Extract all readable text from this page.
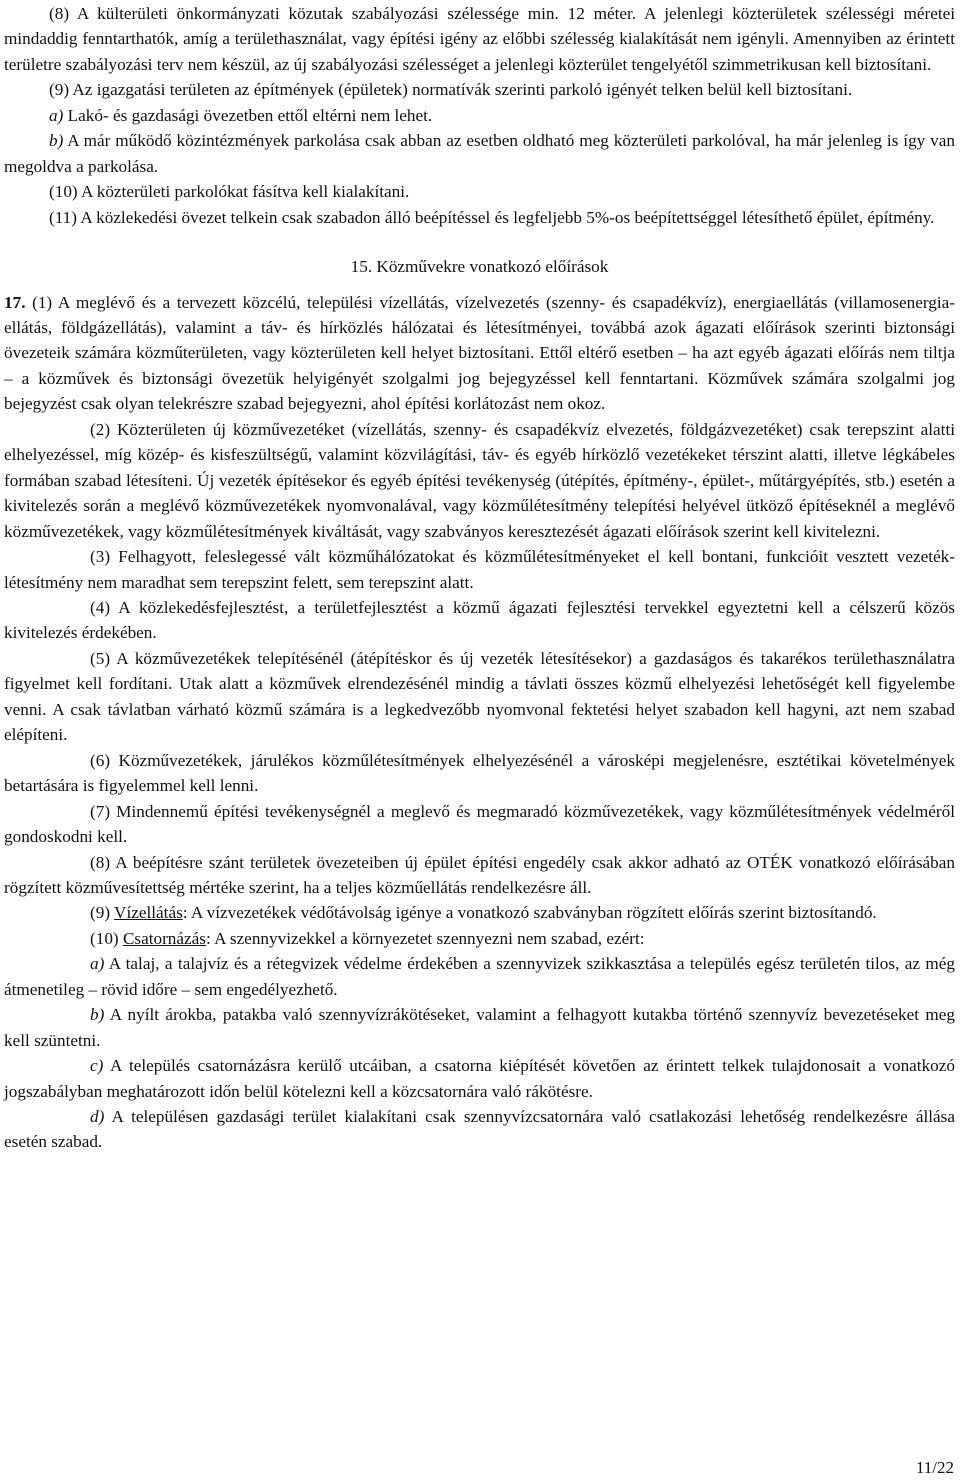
(8) A külterületi önkormányzati közutak szabályozási szélessége min. 12 méter. A jelenlegi közterületek szélességi méretei mindaddig fenntarthatók, amíg a területhasználat, vagy építési igény az előbbi szélesség kialakítását nem igényli. Amennyiben az érintett területre szabályozási terv nem készül, az új szabályozási szélességet a jelenlegi közterület tengelyétől szimmetrikusan kell biztosítani.

(9) Az igazgatási területen az építmények (épületek) normatívák szerinti parkoló igényét telken belül kell biztosítani.

a) Lakó- és gazdasági övezetben ettől eltérni nem lehet.

b) A már működő közintézmények parkolása csak abban az esetben oldható meg közterületi parkolóval, ha már jelenleg is így van megoldva a parkolása.

(10) A közterületi parkolókat fásítva kell kialakítani.

(11) A közlekedési övezet telkein csak szabadon álló beépítéssel és legfeljebb 5%-os beépítettséggel létesíthető épület, építmény.

15. Közművekre vonatkozó előírások

17. (1) A meglévő és a tervezett közcélú, települési vízellátás, vízelvezetés (szenny- és csapadékvíz), energiaellátás (villamosenergia-ellátás, földgázellátás), valamint a táv- és hírközlés hálózatai és létesítményei, továbbá azok ágazati előírások szerinti biztonsági övezeteik számára közműterületen, vagy közterületen kell helyet biztosítani. Ettől eltérő esetben – ha azt egyéb ágazati előírás nem tiltja – a közművek és biztonsági övezetük helyigényét szolgalmi jog bejegyzéssel kell fenntartani. Közművek számára szolgalmi jog bejegyzést csak olyan telekrészre szabad bejegyezni, ahol építési korlátozást nem okoz.

(2) Közterületen új közművezetéket (vízellátás, szenny- és csapadékvíz elvezetés, földgázvezetéket) csak terepszint alatti elhelyezéssel, míg közép- és kisfeszültségű, valamint közvilágítási, táv- és egyéb hírközlő vezetékeket térszint alatti, illetve légkábeles formában szabad létesíteni. Új vezeték építésekor és egyéb építési tevékenység (útépítés, építmény-, épület-, műtárgyépítés, stb.) esetén a kivitelezés során a meglévő közművezetékek nyomvonalával, vagy közműlétesítmény telepítési helyével ütköző építéseknél a meglévő közművezetékek, vagy közműlétesítmények kiváltását, vagy szabványos keresztezését ágazati előírások szerint kell kivitelezni.

(3) Felhagyott, feleslegessé vált közműhálózatokat és közműlétesítményeket el kell bontani, funkcióit vesztett vezeték-létesítmény nem maradhat sem terepszint felett, sem terepszint alatt.

(4) A közlekedésfejlesztést, a területfejlesztést a közmű ágazati fejlesztési tervekkel egyeztetni kell a célszerű közös kivitelezés érdekében.

(5) A közművezetékek telepítésénél (átépítéskor és új vezeték létesítésekor) a gazdaságos és takarékos területhasználatra figyelmet kell fordítani. Utak alatt a közművek elrendezésénél mindig a távlati összes közmű elhelyezési lehetőségét kell figyelembe venni. A csak távlatban várható közmű számára is a legkedvezőbb nyomvonal fektetési helyet szabadon kell hagyni, azt nem szabad elépíteni.

(6) Közművezetékek, járulékos közműlétesítmények elhelyezésénél a városképi megjelenésre, esztétikai követelmények betartására is figyelemmel kell lenni.

(7) Mindennemű építési tevékenységnél a meglevő és megmaradó közművezetékek, vagy közműlétesítmények védelméről gondoskodni kell.

(8) A beépítésre szánt területek övezeteiben új épület építési engedély csak akkor adható az OTÉK vonatkozó előírásában rögzített közművesítettség mértéke szerint, ha a teljes közműellátás rendelkezésre áll.

(9) Vízellátás: A vízvezetékek védőtávolság igénye a vonatkozó szabványban rögzített előírás szerint biztosítandó.

(10) Csatornázás: A szennyvizekkel a környezetet szennyezni nem szabad, ezért:

a) A talaj, a talajvíz és a rétegvizek védelme érdekében a szennyvizek szikkasztása a település egész területén tilos, az még átmenetileg – rövid időre – sem engedélyezhető.

b) A nyílt árokba, patakba való szennyvízrákötéseket, valamint a felhagyott kutakba történő szennyvíz bevezetéseket meg kell szüntetni.

c) A település csatornázásra kerülő utcáiban, a csatorna kiépítését követően az érintett telkek tulajdonosait a vonatkozó jogszabályban meghatározott időn belül kötelezni kell a közcsatornára való rákötésre.

d) A településen gazdasági terület kialakítani csak szennyvízcsatornára való csatlakozási lehetőség rendelkezésre állása esetén szabad.

11/22
